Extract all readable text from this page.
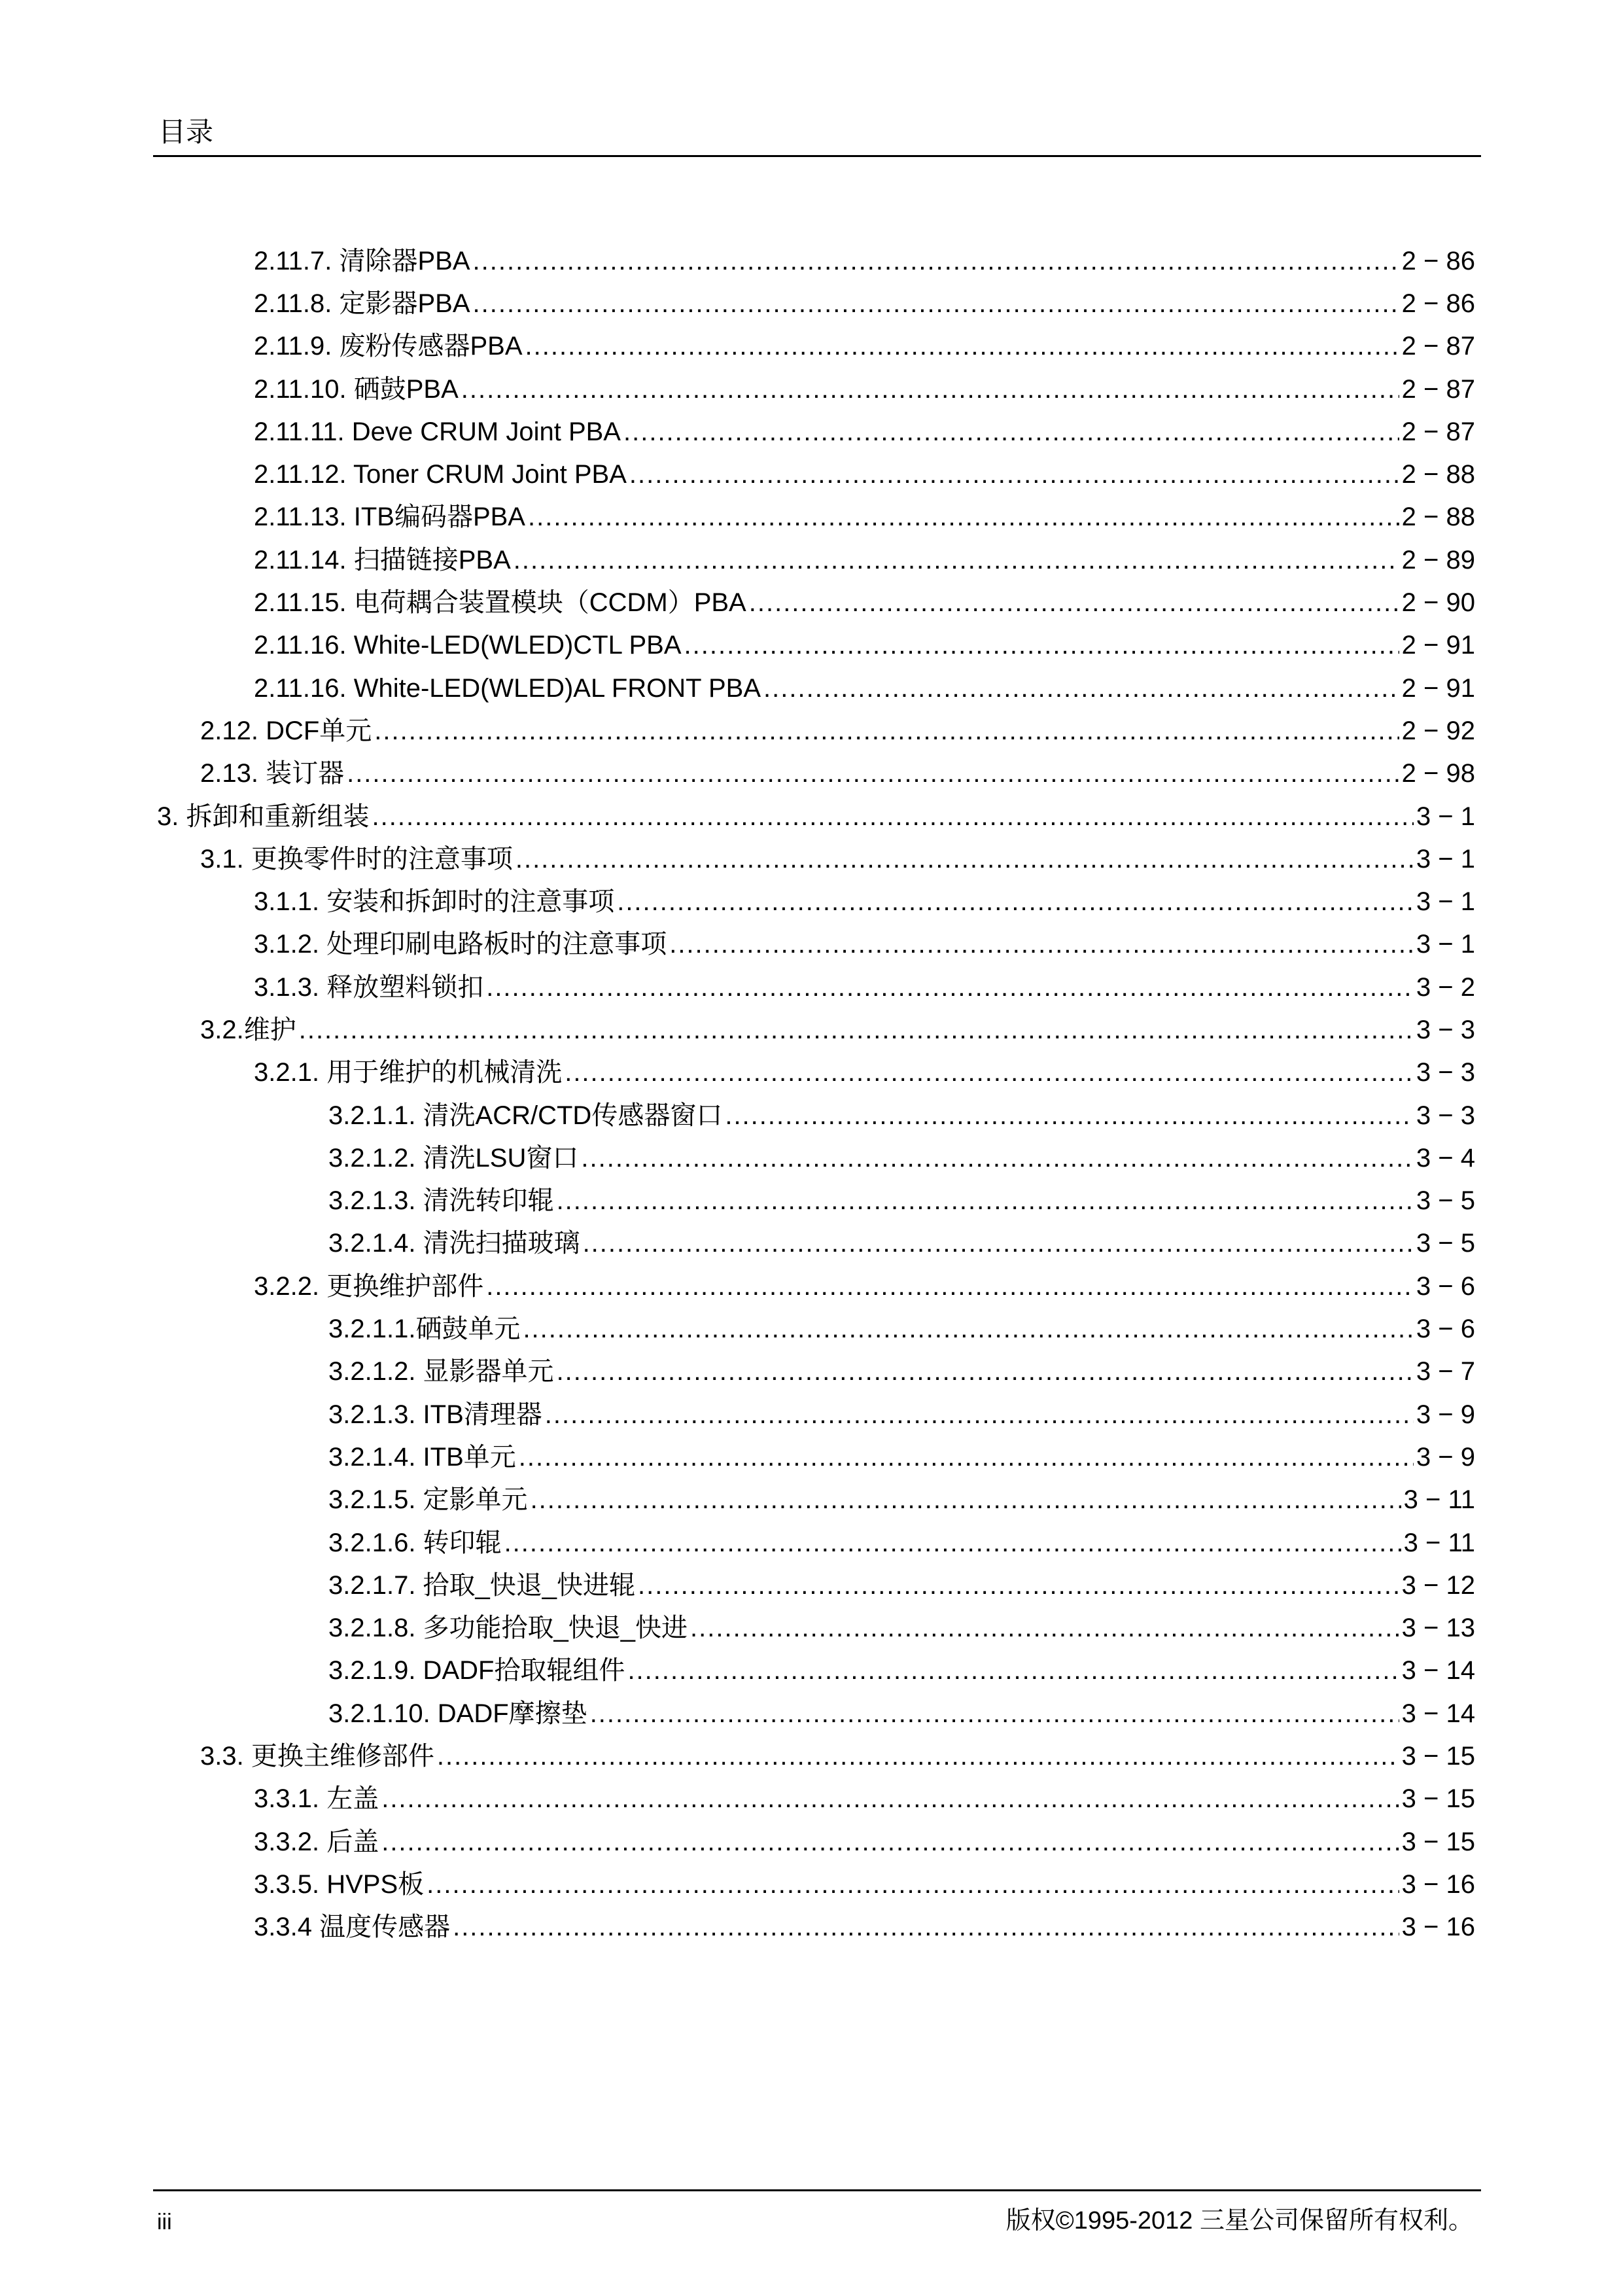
目录
2.11.7. 清除器PBA .....	2 − 86
2.11.8. 定影器PBA .....	2 − 86
2.11.9. 废粉传感器PBA .....	2 − 87
2.11.10. 硒鼓PBA .....	2 − 87
2.11.11. Deve CRUM Joint PBA .....	2 − 87
2.11.12. Toner CRUM Joint PBA .....	2 − 88
2.11.13. ITB编码器PBA .....	2 − 88
2.11.14. 扫描链接PBA .....	2 − 89
2.11.15. 电荷耦合装置模块（CCDM）PBA .....	2 − 90
2.11.16. White-LED(WLED)CTL PBA .....	2 − 91
2.11.16. White-LED(WLED)AL FRONT PBA .....	2 − 91
2.12. DCF单元 .....	2 − 92
2.13. 装订器 .....	2 − 98
3. 拆卸和重新组装 .....	3 − 1
3.1. 更换零件时的注意事项 .....	3 − 1
3.1.1. 安装和拆卸时的注意事项 .....	3 − 1
3.1.2. 处理印刷电路板时的注意事项 .....	3 − 1
3.1.3. 释放塑料锁扣 .....	3 − 2
3.2.维护 .....	3 − 3
3.2.1. 用于维护的机械清洗 .....	3 − 3
3.2.1.1. 清洗ACR/CTD传感器窗口 .....	3 − 3
3.2.1.2. 清洗LSU窗口 .....	3 − 4
3.2.1.3. 清洗转印辊 .....	3 − 5
3.2.1.4. 清洗扫描玻璃 .....	3 − 5
3.2.2. 更换维护部件 .....	3 − 6
3.2.1.1.硒鼓单元 .....	3 − 6
3.2.1.2. 显影器单元 .....	3 − 7
3.2.1.3. ITB清理器 .....	3 − 9
3.2.1.4. ITB单元 .....	3 − 9
3.2.1.5. 定影单元 .....	3 − 11
3.2.1.6. 转印辊 .....	3 − 11
3.2.1.7. 拾取_快退_快进辊 .....	3 − 12
3.2.1.8. 多功能拾取_快退_快进 .....	3 − 13
3.2.1.9. DADF拾取辊组件 .....	3 − 14
3.2.1.10. DADF摩擦垫 .....	3 − 14
3.3. 更换主维修部件 .....	3 − 15
3.3.1. 左盖 .....	3 − 15
3.3.2. 后盖 .....	3 − 15
3.3.5. HVPS板 .....	3 − 16
3.3.4 温度传感器 .....	3 − 16
iii	版权©1995-2012 三星公司保留所有权利。
